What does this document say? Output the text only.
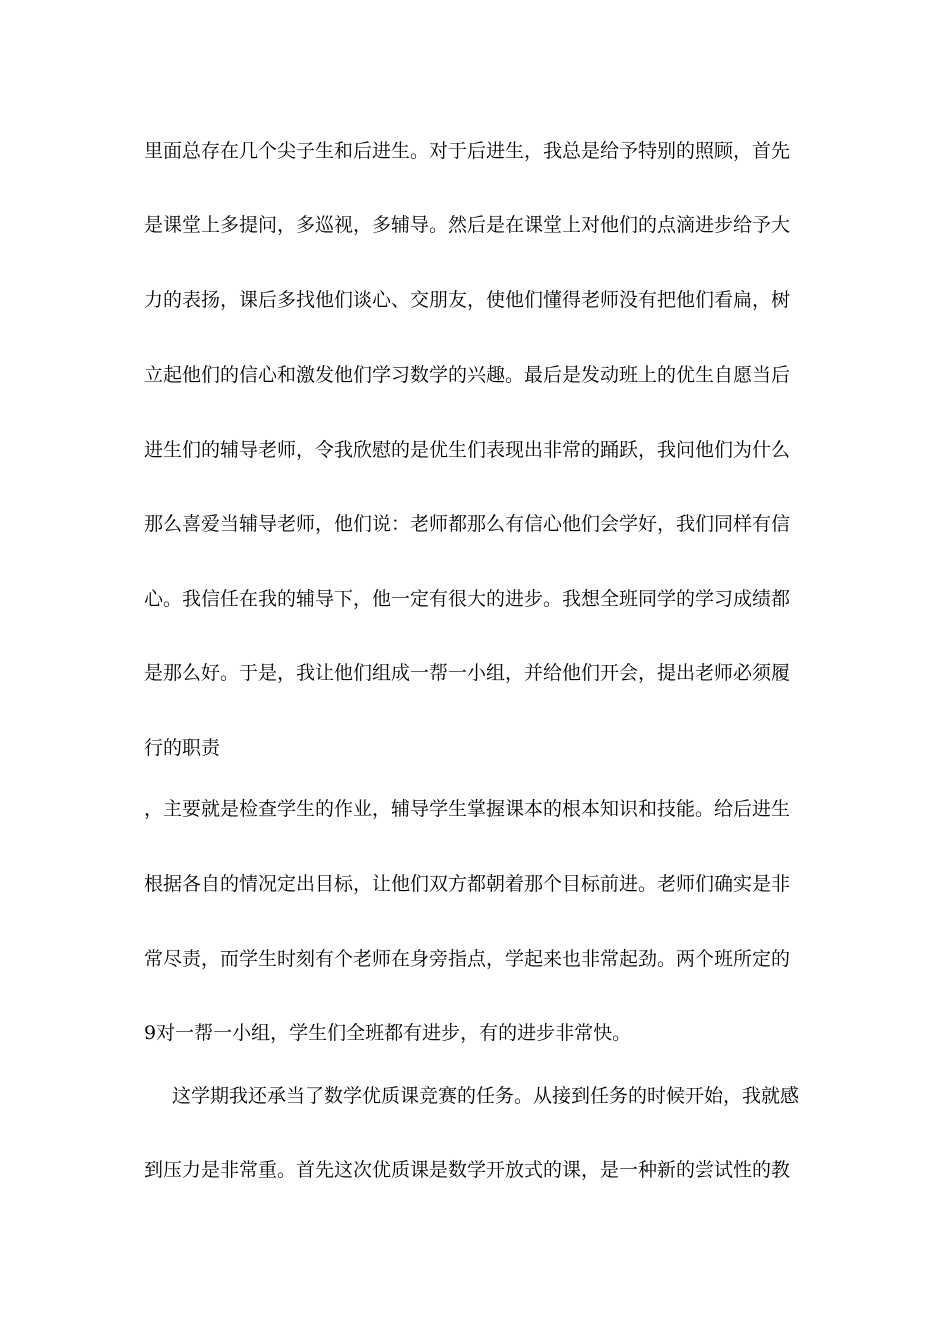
里面总存在几个尖子生和后进生。对于后进生，我总是给予特别的照顾，首先

是课堂上多提问，多巡视，多辅导。然后是在课堂上对他们的点滴进步给予大

力的表扬，课后多找他们谈心、交朋友，使他们懂得老师没有把他们看扁，树

立起他们的信心和激发他们学习数学的兴趣。最后是发动班上的优生自愿当后

进生们的辅导老师，令我欣慰的是优生们表现出非常的踊跃，我问他们为什么

那么喜爱当辅导老师，他们说：老师都那么有信心他们会学好，我们同样有信

心。我信任在我的辅导下，他一定有很大的进步。我想全班同学的学习成绩都

是那么好。于是，我让他们组成一帮一小组，并给他们开会，提出老师必须履

行的职责

，主要就是检查学生的作业，辅导学生掌握课本的根本知识和技能。给后进生

根据各自的情况定出目标，让他们双方都朝着那个目标前进。老师们确实是非

常尽责，而学生时刻有个老师在身旁指点，学起来也非常起劲。两个班所定的

9对一帮一小组，学生们全班都有进步，有的进步非常快。

这学期我还承当了数学优质课竞赛的任务。从接到任务的时候开始，我就感

到压力是非常重。首先这次优质课是数学开放式的课，是一种新的尝试性的教
